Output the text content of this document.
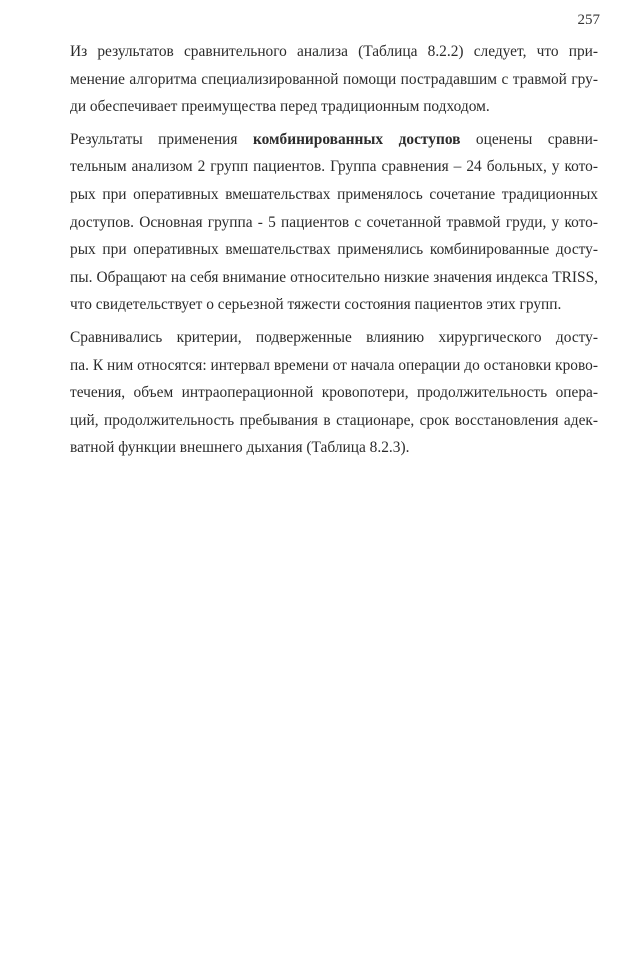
257
Из результатов сравнительного анализа (Таблица 8.2.2) следует, что при-
менение алгоритма специализированной помощи пострадавшим с травмой гру-
ди обеспечивает преимущества перед традиционным подходом.
Результаты применения комбинированных доступов оценены сравни-
тельным анализом 2 групп пациентов. Группа сравнения – 24 больных, у кото-
рых при оперативных вмешательствах применялось сочетание традиционных
доступов. Основная группа - 5 пациентов с сочетанной травмой груди, у кото-
рых при оперативных вмешательствах применялись комбинированные досту-
пы. Обращают на себя внимание относительно низкие значения индекса TRISS,
что свидетельствует о серьезной тяжести состояния пациентов этих групп.
Сравнивались критерии, подверженные влиянию хирургического досту-
па. К ним относятся: интервал времени от начала операции до остановки крово-
течения, объем интраоперационной кровопотери, продолжительность опера-
ций, продолжительность пребывания в стационаре, срок восстановления адек-
ватной функции внешнего дыхания (Таблица 8.2.3).
